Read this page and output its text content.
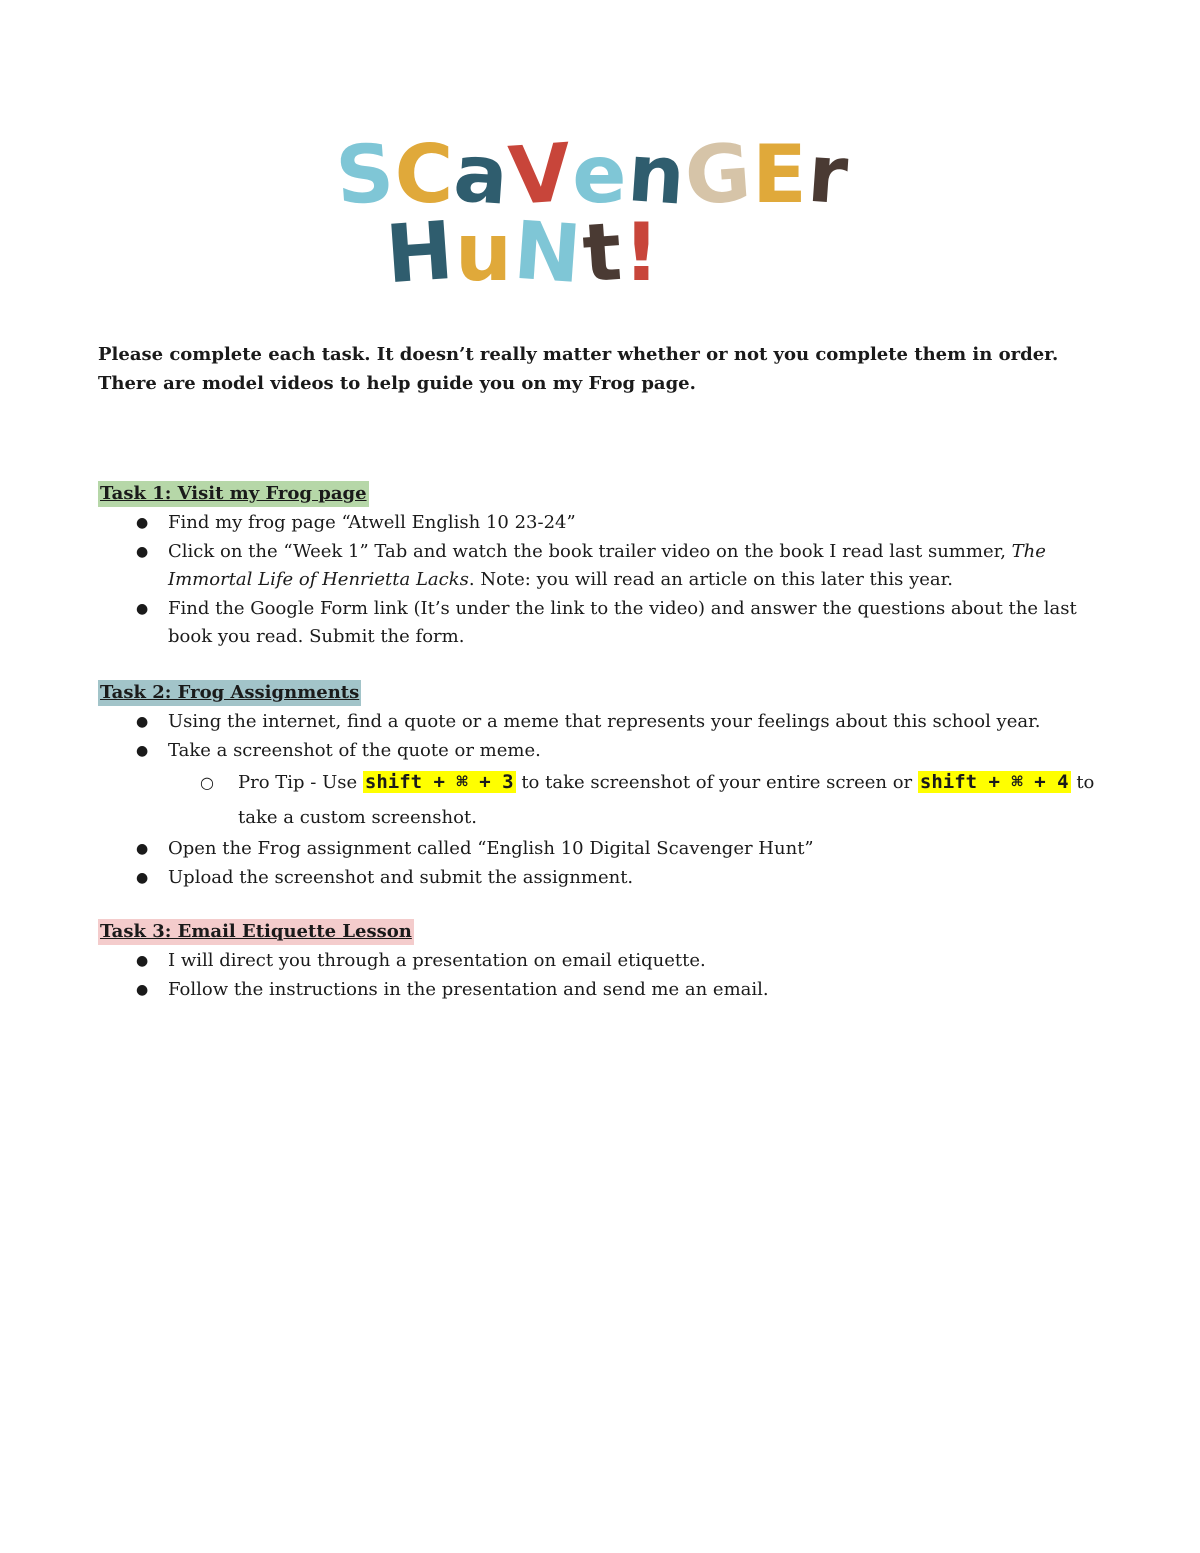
SCaVenGEr
HuNt!

Please complete each task. It doesn’t really matter whether or not you complete them in order.

There are model videos to help guide you on my Frog page.

Task 1: Visit my Frog page
● Find my frog page “Atwell English 10 23-24”
● Click on the “Week 1” Tab and watch the book trailer video on the book I read last summer, The Immortal Life of Henrietta Lacks. Note: you will read an article on this later this year.
● Find the Google Form link (It’s under the link to the video) and answer the questions about the last book you read. Submit the form.
Task 2: Frog Assignments
● Using the internet, find a quote or a meme that represents your feelings about this school year.
● Take a screenshot of the quote or meme.
○ Pro Tip - Use shift + ⌘ + 3 to take screenshot of your entire screen or shift + ⌘ + 4 to take a custom screenshot.
● Open the Frog assignment called “English 10 Digital Scavenger Hunt”
● Upload the screenshot and submit the assignment.
Task 3: Email Etiquette Lesson
● I will direct you through a presentation on email etiquette.
● Follow the instructions in the presentation and send me an email.
